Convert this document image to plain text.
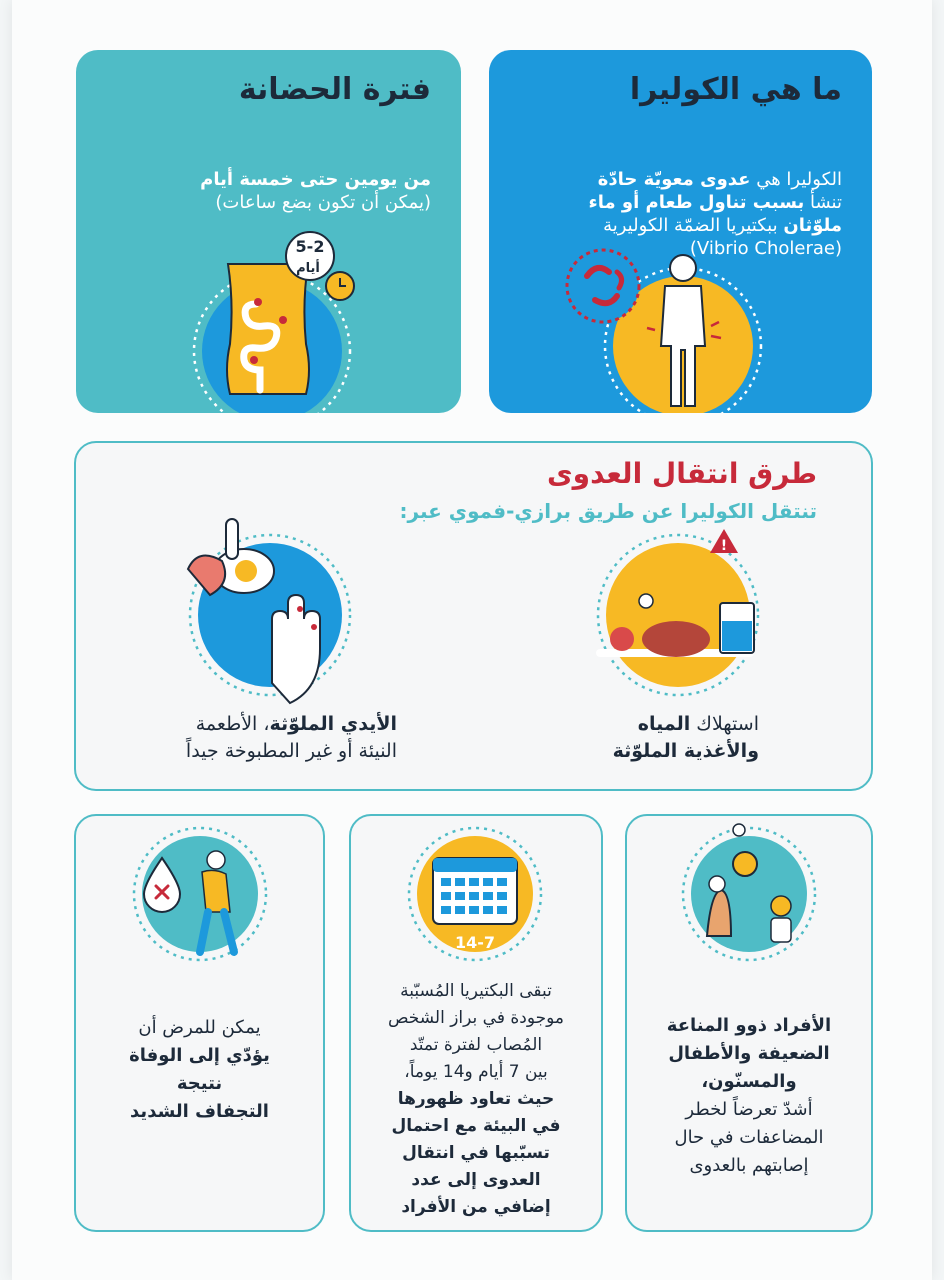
ما هي الكوليرا
الكوليرا هي عدوى معويّة حادّة
تنشأ بسبب تناول طعام أو ماء
ملوّثان ببكتيريا الضمّة الكوليرية
(Vibrio Cholerae)
فترة الحضانة
من يومين حتى خمسة أيام
(يمكن أن تكون بضع ساعات)
5-2
أيام
طرق انتقال العدوى
تنتقل الكوليرا عن طريق برازي-فموي عبر:
!
استهلاك المياه
والأغذية الملوّثة
الأيدي الملوّثة، الأطعمة
النيئة أو غير المطبوخة جيداً
الأفراد ذوو المناعة
الضعيفة والأطفال
والمسنّون،
أشدّ تعرضاً لخطر
المضاعفات في حال
إصابتهم بالعدوى
14-7
تبقى البكتيريا المُسبّبة
موجودة في براز الشخص
المُصاب لفترة تمتّد
بين 7 أيام و14 يوماً،
حيث تعاود ظهورها
في البيئة مع احتمال
تسبّبها في انتقال
العدوى إلى عدد
إضافي من الأفراد
يمكن للمرض أن
يؤدّي إلى الوفاة
نتيجة
التجفاف الشديد
